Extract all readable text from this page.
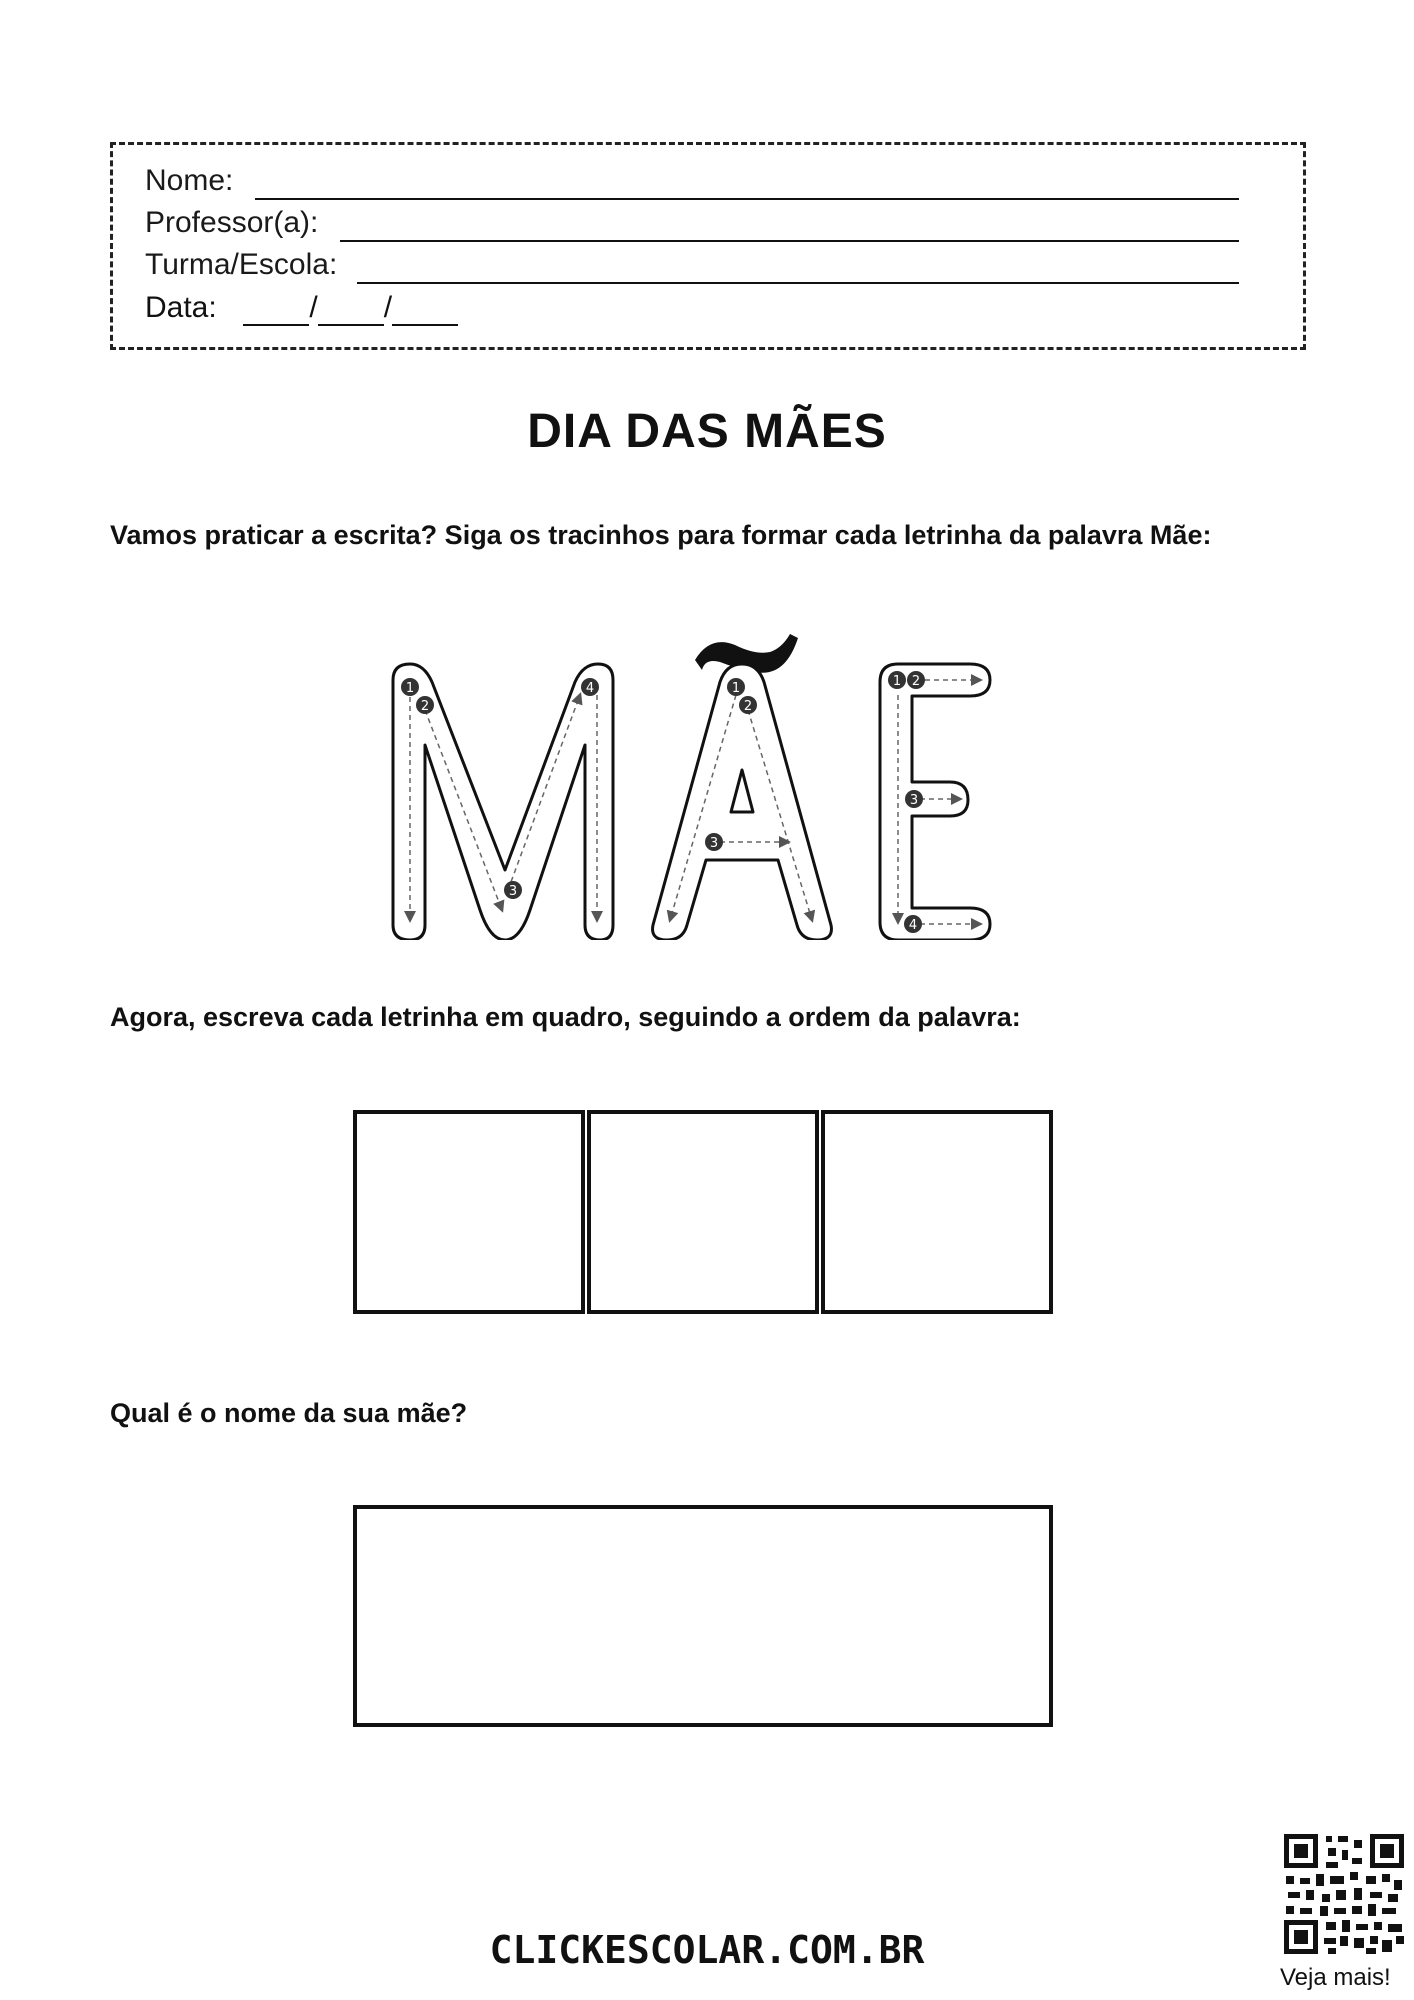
Nome:
Professor(a):
Turma/Escola:
Data:	/ /
DIA DAS MÃES
Vamos praticar a escrita? Siga os tracinhos para formar cada letrinha da palavra Mãe:
1
2
3
4	1
2
3
1 2
3
4
Agora, escreva cada letrinha em quadro, seguindo a ordem da palavra:
Qual é o nome da sua mãe?
CLICKESCOLAR.COM.BR
Veja mais!
